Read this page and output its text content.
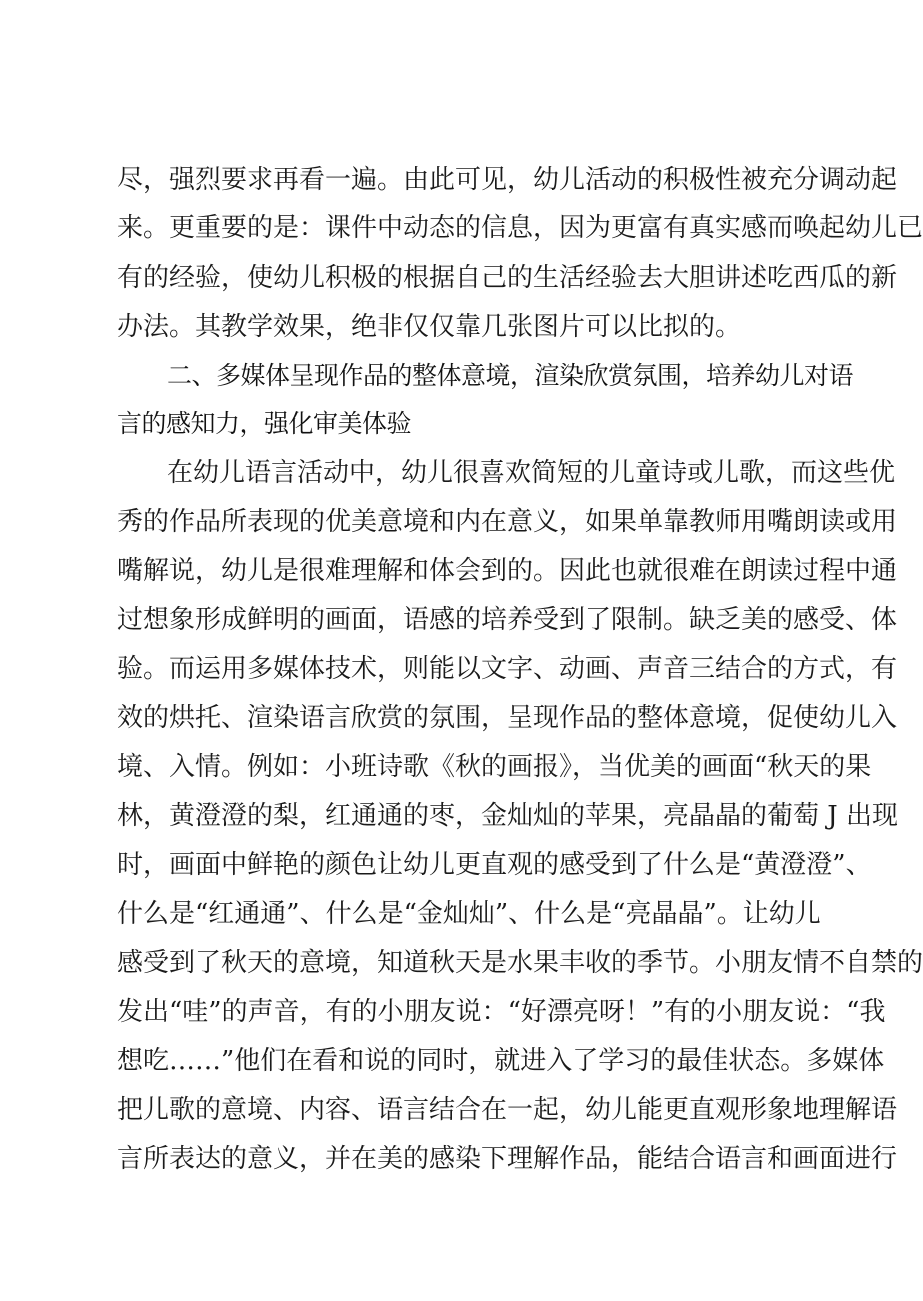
尽，强烈要求再看一遍。由此可见，幼儿活动的积极性被充分调动起
来。更重要的是：课件中动态的信息，因为更富有真实感而唤起幼儿已
有的经验，使幼儿积极的根据自己的生活经验去大胆讲述吃西瓜的新
办法。其教学效果，绝非仅仅靠几张图片可以比拟的。
二、多媒体呈现作品的整体意境，渲染欣赏氛围，培养幼儿对语
言的感知力，强化审美体验
在幼儿语言活动中，幼儿很喜欢简短的儿童诗或儿歌，而这些优
秀的作品所表现的优美意境和内在意义，如果单靠教师用嘴朗读或用
嘴解说，幼儿是很难理解和体会到的。因此也就很难在朗读过程中通
过想象形成鲜明的画面，语感的培养受到了限制。缺乏美的感受、体
验。而运用多媒体技术，则能以文字、动画、声音三结合的方式，有
效的烘托、渲染语言欣赏的氛围，呈现作品的整体意境，促使幼儿入
境、入情。例如：小班诗歌《秋的画报》，当优美的画面“秋天的果
林，黄澄澄的梨，红通通的枣，金灿灿的苹果，亮晶晶的葡萄 J 出现
时，画面中鲜艳的颜色让幼儿更直观的感受到了什么是“黄澄澄”、
什么是“红通通”、什么是“金灿灿”、什么是“亮晶晶”。让幼儿
感受到了秋天的意境，知道秋天是水果丰收的季节。小朋友情不自禁的
发出“哇”的声音，有的小朋友说：“好漂亮呀！”有的小朋友说：“我
想吃……”他们在看和说的同时，就进入了学习的最佳状态。多媒体
把儿歌的意境、内容、语言结合在一起，幼儿能更直观形象地理解语
言所表达的意义，并在美的感染下理解作品，能结合语言和画面进行
